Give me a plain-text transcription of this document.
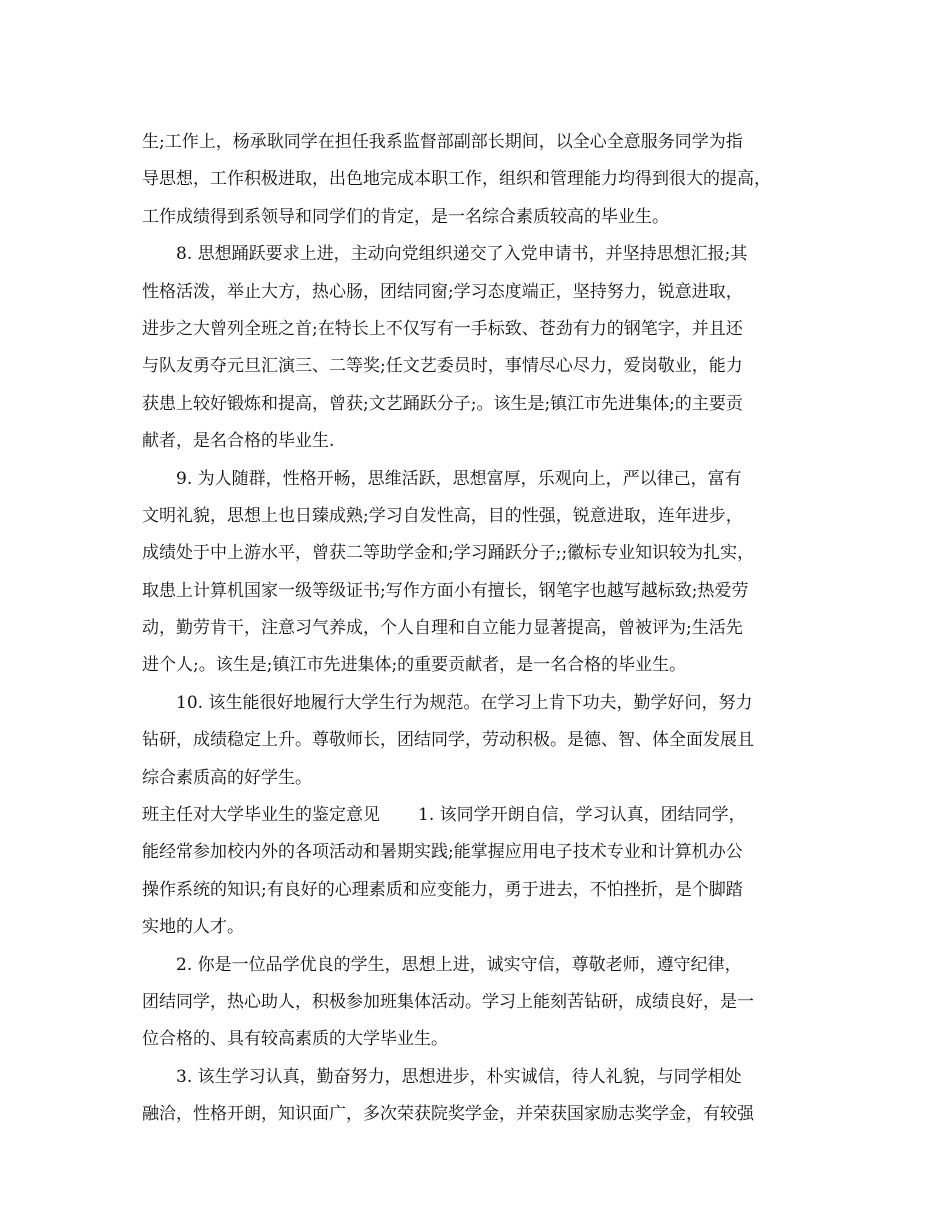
生;工作上，杨承耿同学在担任我系监督部副部长期间，以全心全意服务同学为指
导思想，工作积极进取，出色地完成本职工作，组织和管理能力均得到很大的提高，
工作成绩得到系领导和同学们的肯定，是一名综合素质较高的毕业生。
8. 思想踊跃要求上进，主动向党组织递交了入党申请书，并坚持思想汇报;其
性格活泼，举止大方，热心肠，团结同窗;学习态度端正，坚持努力，锐意进取，
进步之大曾列全班之首;在特长上不仅写有一手标致、苍劲有力的钢笔字，并且还
与队友勇夺元旦汇演三、二等奖;任文艺委员时，事情尽心尽力，爱岗敬业，能力
获患上较好锻炼和提高，曾获;文艺踊跃分子;。该生是;镇江市先进集体;的主要贡
献者，是名合格的毕业生.
9. 为人随群，性格开畅，思维活跃，思想富厚，乐观向上，严以律己，富有
文明礼貌，思想上也日臻成熟;学习自发性高，目的性强，锐意进取，连年进步，
成绩处于中上游水平，曾获二等助学金和;学习踊跃分子;;徽标专业知识较为扎实，
取患上计算机国家一级等级证书;写作方面小有擅长，钢笔字也越写越标致;热爱劳
动，勤劳肯干，注意习气养成，个人自理和自立能力显著提高，曾被评为;生活先
进个人;。该生是;镇江市先进集体;的重要贡献者，是一名合格的毕业生。
10. 该生能很好地履行大学生行为规范。在学习上肯下功夫，勤学好问，努力
钻研，成绩稳定上升。尊敬师长，团结同学，劳动积极。是德、智、体全面发展且
综合素质高的好学生。
班主任对大学毕业生的鉴定意见 1. 该同学开朗自信，学习认真，团结同学，
能经常参加校内外的各项活动和暑期实践;能掌握应用电子技术专业和计算机办公
操作系统的知识;有良好的心理素质和应变能力，勇于进去，不怕挫折，是个脚踏
实地的人才。
2. 你是一位品学优良的学生，思想上进，诚实守信，尊敬老师，遵守纪律，
团结同学，热心助人，积极参加班集体活动。学习上能刻苦钻研，成绩良好，是一
位合格的、具有较高素质的大学毕业生。
3. 该生学习认真，勤奋努力，思想进步，朴实诚信，待人礼貌，与同学相处
融洽，性格开朗，知识面广，多次荣获院奖学金，并荣获国家励志奖学金，有较强
